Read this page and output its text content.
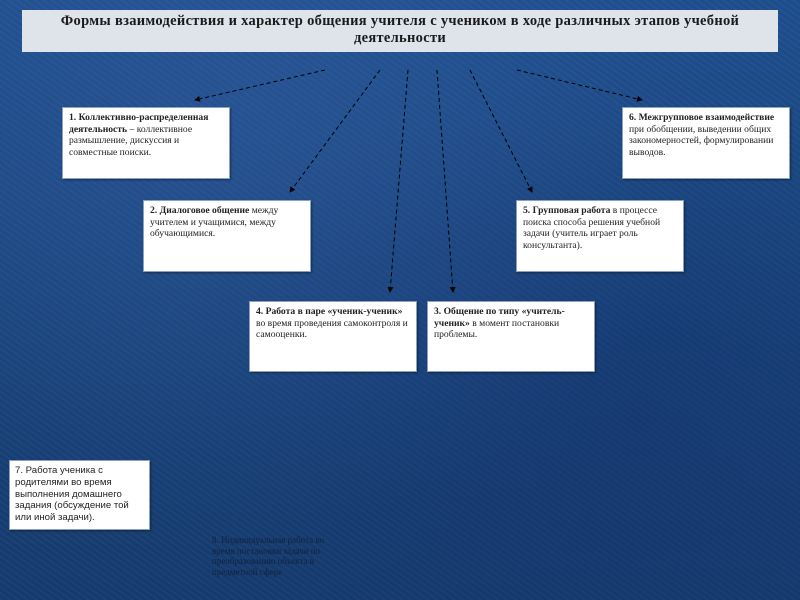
Формы взаимодействия и характер общения учителя с учеником в ходе различных этапов учебной деятельности
1. Коллективно-распределенная деятельность – коллективное размышление, дискуссия и совместные поиски.
6. Межгрупповое взаимодействие при обобщении, выведении общих закономерностей, формулировании выводов.
2. Диалоговое общение между учителем и учащимися, между обучающимися.
5. Групповая работа в процессе поиска способа решения учебной задачи (учитель играет роль консультанта).
4. Работа в паре «ученик-ученик» во время проведения самоконтроля и самооценки.
3. Общение по типу «учитель-ученик» в момент постановки проблемы.
7. Работа ученика с родителями во время выполнения домашнего задания (обсуждение той или иной задачи).
8. Индивидуальная работа во время постановки задачи по преобразованию объекта в предметной сфере
